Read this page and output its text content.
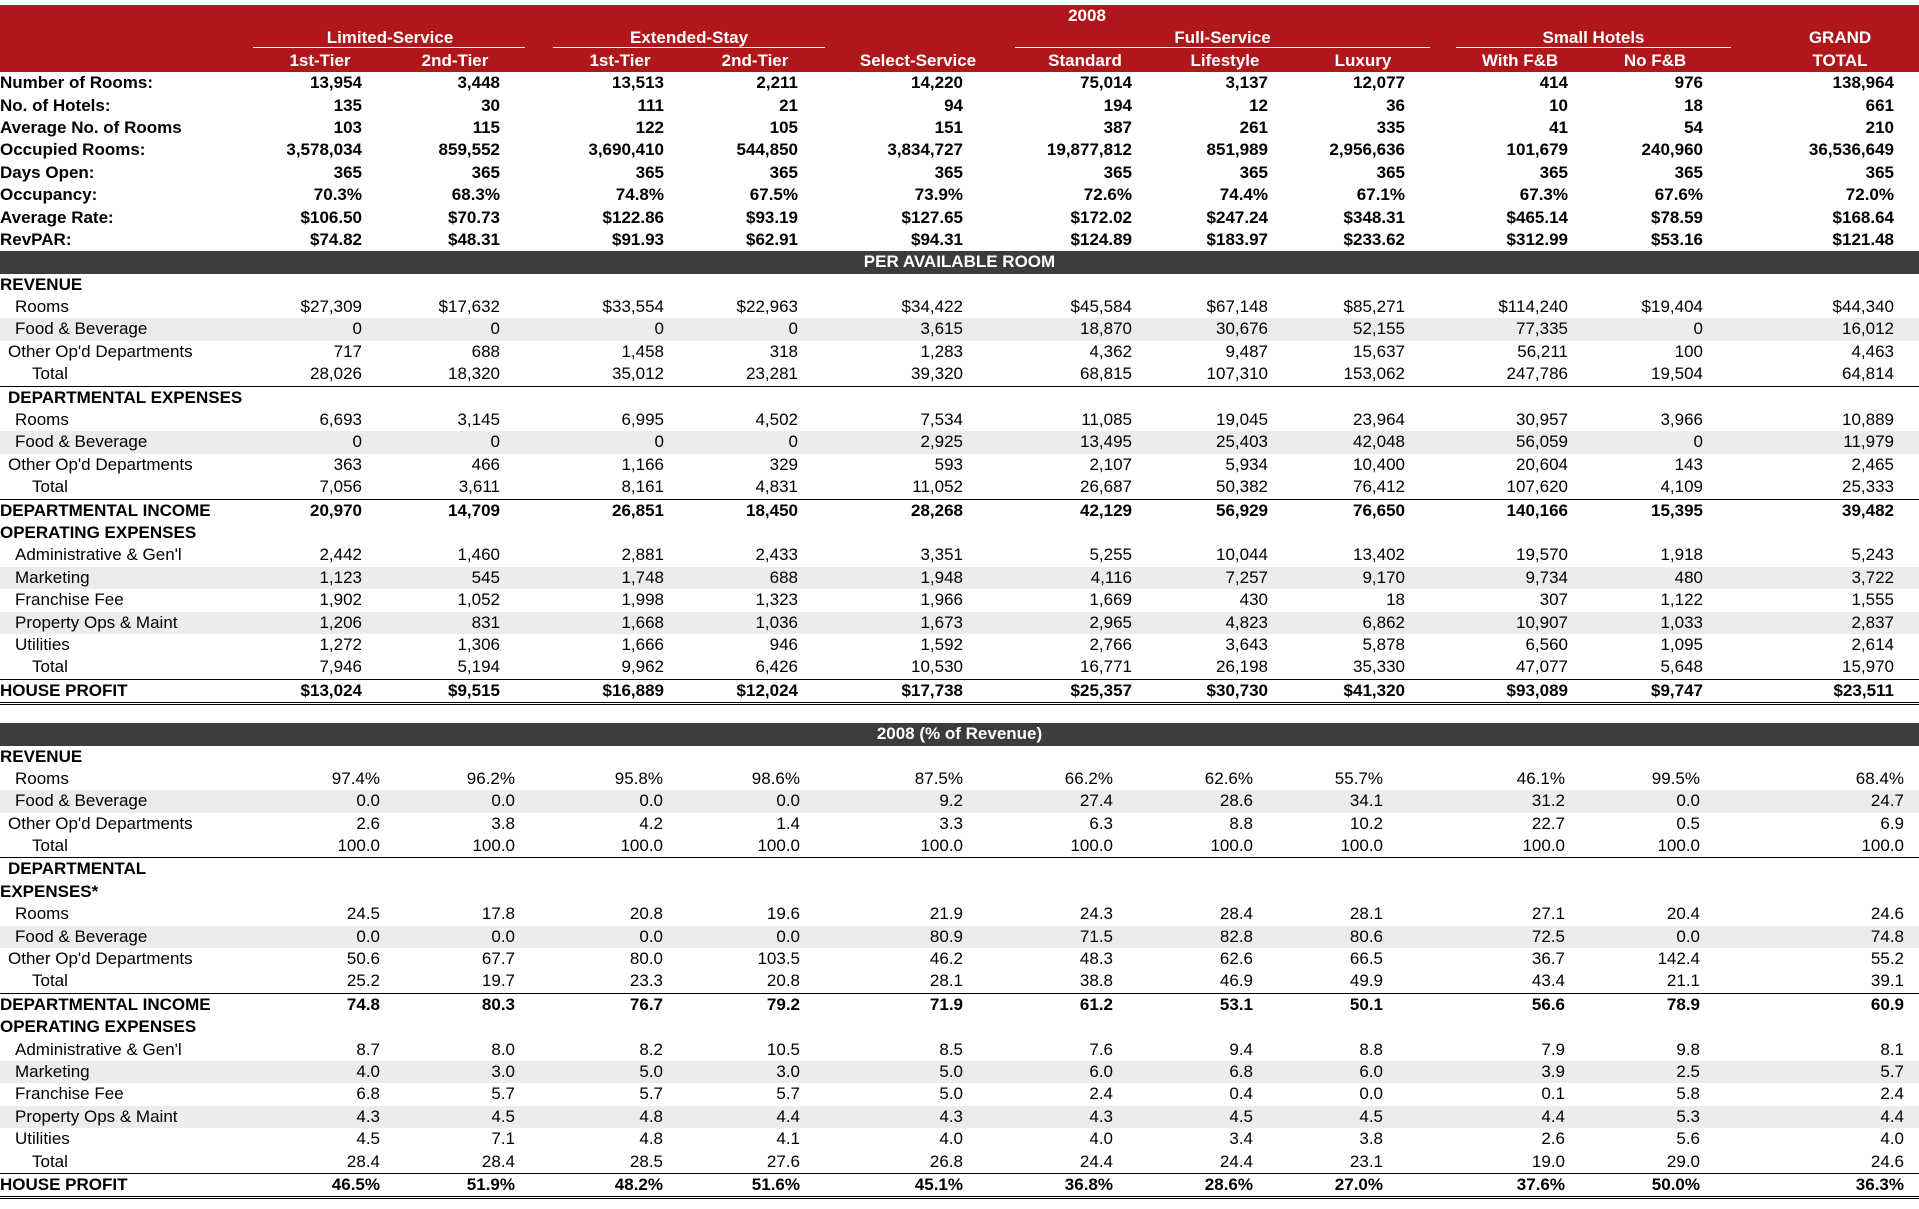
2008
Limited-Service	Extended-Stay	Full-Service	Small Hotels	GRAND
1st-Tier	2nd-Tier	1st-Tier	2nd-Tier	Select-Service	Standard	Lifestyle	Luxury	With F&B	No F&B	TOTAL
Number of Rooms:	13,954	3,448	13,513	2,211	14,220	75,014	3,137	12,077	414	976	138,964
No. of Hotels:	135	30	111	21	94	194	12	36	10	18	661
Average No. of Rooms	103	115	122	105	151	387	261	335	41	54	210
Occupied Rooms:	3,578,034	859,552	3,690,410	544,850	3,834,727	19,877,812	851,989	2,956,636	101,679	240,960	36,536,649
Days Open:	365	365	365	365	365	365	365	365	365	365	365
Occupancy:	70.3%	68.3%	74.8%	67.5%	73.9%	72.6%	74.4%	67.1%	67.3%	67.6%	72.0%
Average Rate:	$106.50	$70.73	$122.86	$93.19	$127.65	$172.02	$247.24	$348.31	$465.14	$78.59	$168.64
RevPAR:	$74.82	$48.31	$91.93	$62.91	$94.31	$124.89	$183.97	$233.62	$312.99	$53.16	$121.48
PER AVAILABLE ROOM
REVENUE
Rooms	$27,309	$17,632	$33,554	$22,963	$34,422	$45,584	$67,148	$85,271	$114,240	$19,404	$44,340
Food & Beverage	0	0	0	0	3,615	18,870	30,676	52,155	77,335	0	16,012
Other Op'd Departments	717	688	1,458	318	1,283	4,362	9,487	15,637	56,211	100	4,463
Total	28,026	18,320	35,012	23,281	39,320	68,815	107,310	153,062	247,786	19,504	64,814
DEPARTMENTAL EXPENSES
Rooms	6,693	3,145	6,995	4,502	7,534	11,085	19,045	23,964	30,957	3,966	10,889
Food & Beverage	0	0	0	0	2,925	13,495	25,403	42,048	56,059	0	11,979
Other Op'd Departments	363	466	1,166	329	593	2,107	5,934	10,400	20,604	143	2,465
Total	7,056	3,611	8,161	4,831	11,052	26,687	50,382	76,412	107,620	4,109	25,333
DEPARTMENTAL INCOME	20,970	14,709	26,851	18,450	28,268	42,129	56,929	76,650	140,166	15,395	39,482
OPERATING EXPENSES
Administrative & Gen'l	2,442	1,460	2,881	2,433	3,351	5,255	10,044	13,402	19,570	1,918	5,243
Marketing	1,123	545	1,748	688	1,948	4,116	7,257	9,170	9,734	480	3,722
Franchise Fee	1,902	1,052	1,998	1,323	1,966	1,669	430	18	307	1,122	1,555
Property Ops & Maint	1,206	831	1,668	1,036	1,673	2,965	4,823	6,862	10,907	1,033	2,837
Utilities	1,272	1,306	1,666	946	1,592	2,766	3,643	5,878	6,560	1,095	2,614
Total	7,946	5,194	9,962	6,426	10,530	16,771	26,198	35,330	47,077	5,648	15,970
HOUSE PROFIT	$13,024	$9,515	$16,889	$12,024	$17,738	$25,357	$30,730	$41,320	$93,089	$9,747	$23,511
2008 (% of Revenue)
REVENUE
Rooms	97.4%	96.2%	95.8%	98.6%	87.5%	66.2%	62.6%	55.7%	46.1%	99.5%	68.4%
Food & Beverage	0.0	0.0	0.0	0.0	9.2	27.4	28.6	34.1	31.2	0.0	24.7
Other Op'd Departments	2.6	3.8	4.2	1.4	3.3	6.3	8.8	10.2	22.7	0.5	6.9
Total	100.0	100.0	100.0	100.0	100.0	100.0	100.0	100.0	100.0	100.0	100.0
DEPARTMENTAL
EXPENSES*
Rooms	24.5	17.8	20.8	19.6	21.9	24.3	28.4	28.1	27.1	20.4	24.6
Food & Beverage	0.0	0.0	0.0	0.0	80.9	71.5	82.8	80.6	72.5	0.0	74.8
Other Op'd Departments	50.6	67.7	80.0	103.5	46.2	48.3	62.6	66.5	36.7	142.4	55.2
Total	25.2	19.7	23.3	20.8	28.1	38.8	46.9	49.9	43.4	21.1	39.1
DEPARTMENTAL INCOME	74.8	80.3	76.7	79.2	71.9	61.2	53.1	50.1	56.6	78.9	60.9
OPERATING EXPENSES
Administrative & Gen'l	8.7	8.0	8.2	10.5	8.5	7.6	9.4	8.8	7.9	9.8	8.1
Marketing	4.0	3.0	5.0	3.0	5.0	6.0	6.8	6.0	3.9	2.5	5.7
Franchise Fee	6.8	5.7	5.7	5.7	5.0	2.4	0.4	0.0	0.1	5.8	2.4
Property Ops & Maint	4.3	4.5	4.8	4.4	4.3	4.3	4.5	4.5	4.4	5.3	4.4
Utilities	4.5	7.1	4.8	4.1	4.0	4.0	3.4	3.8	2.6	5.6	4.0
Total	28.4	28.4	28.5	27.6	26.8	24.4	24.4	23.1	19.0	29.0	24.6
HOUSE PROFIT	46.5%	51.9%	48.2%	51.6%	45.1%	36.8%	28.6%	27.0%	37.6%	50.0%	36.3%
